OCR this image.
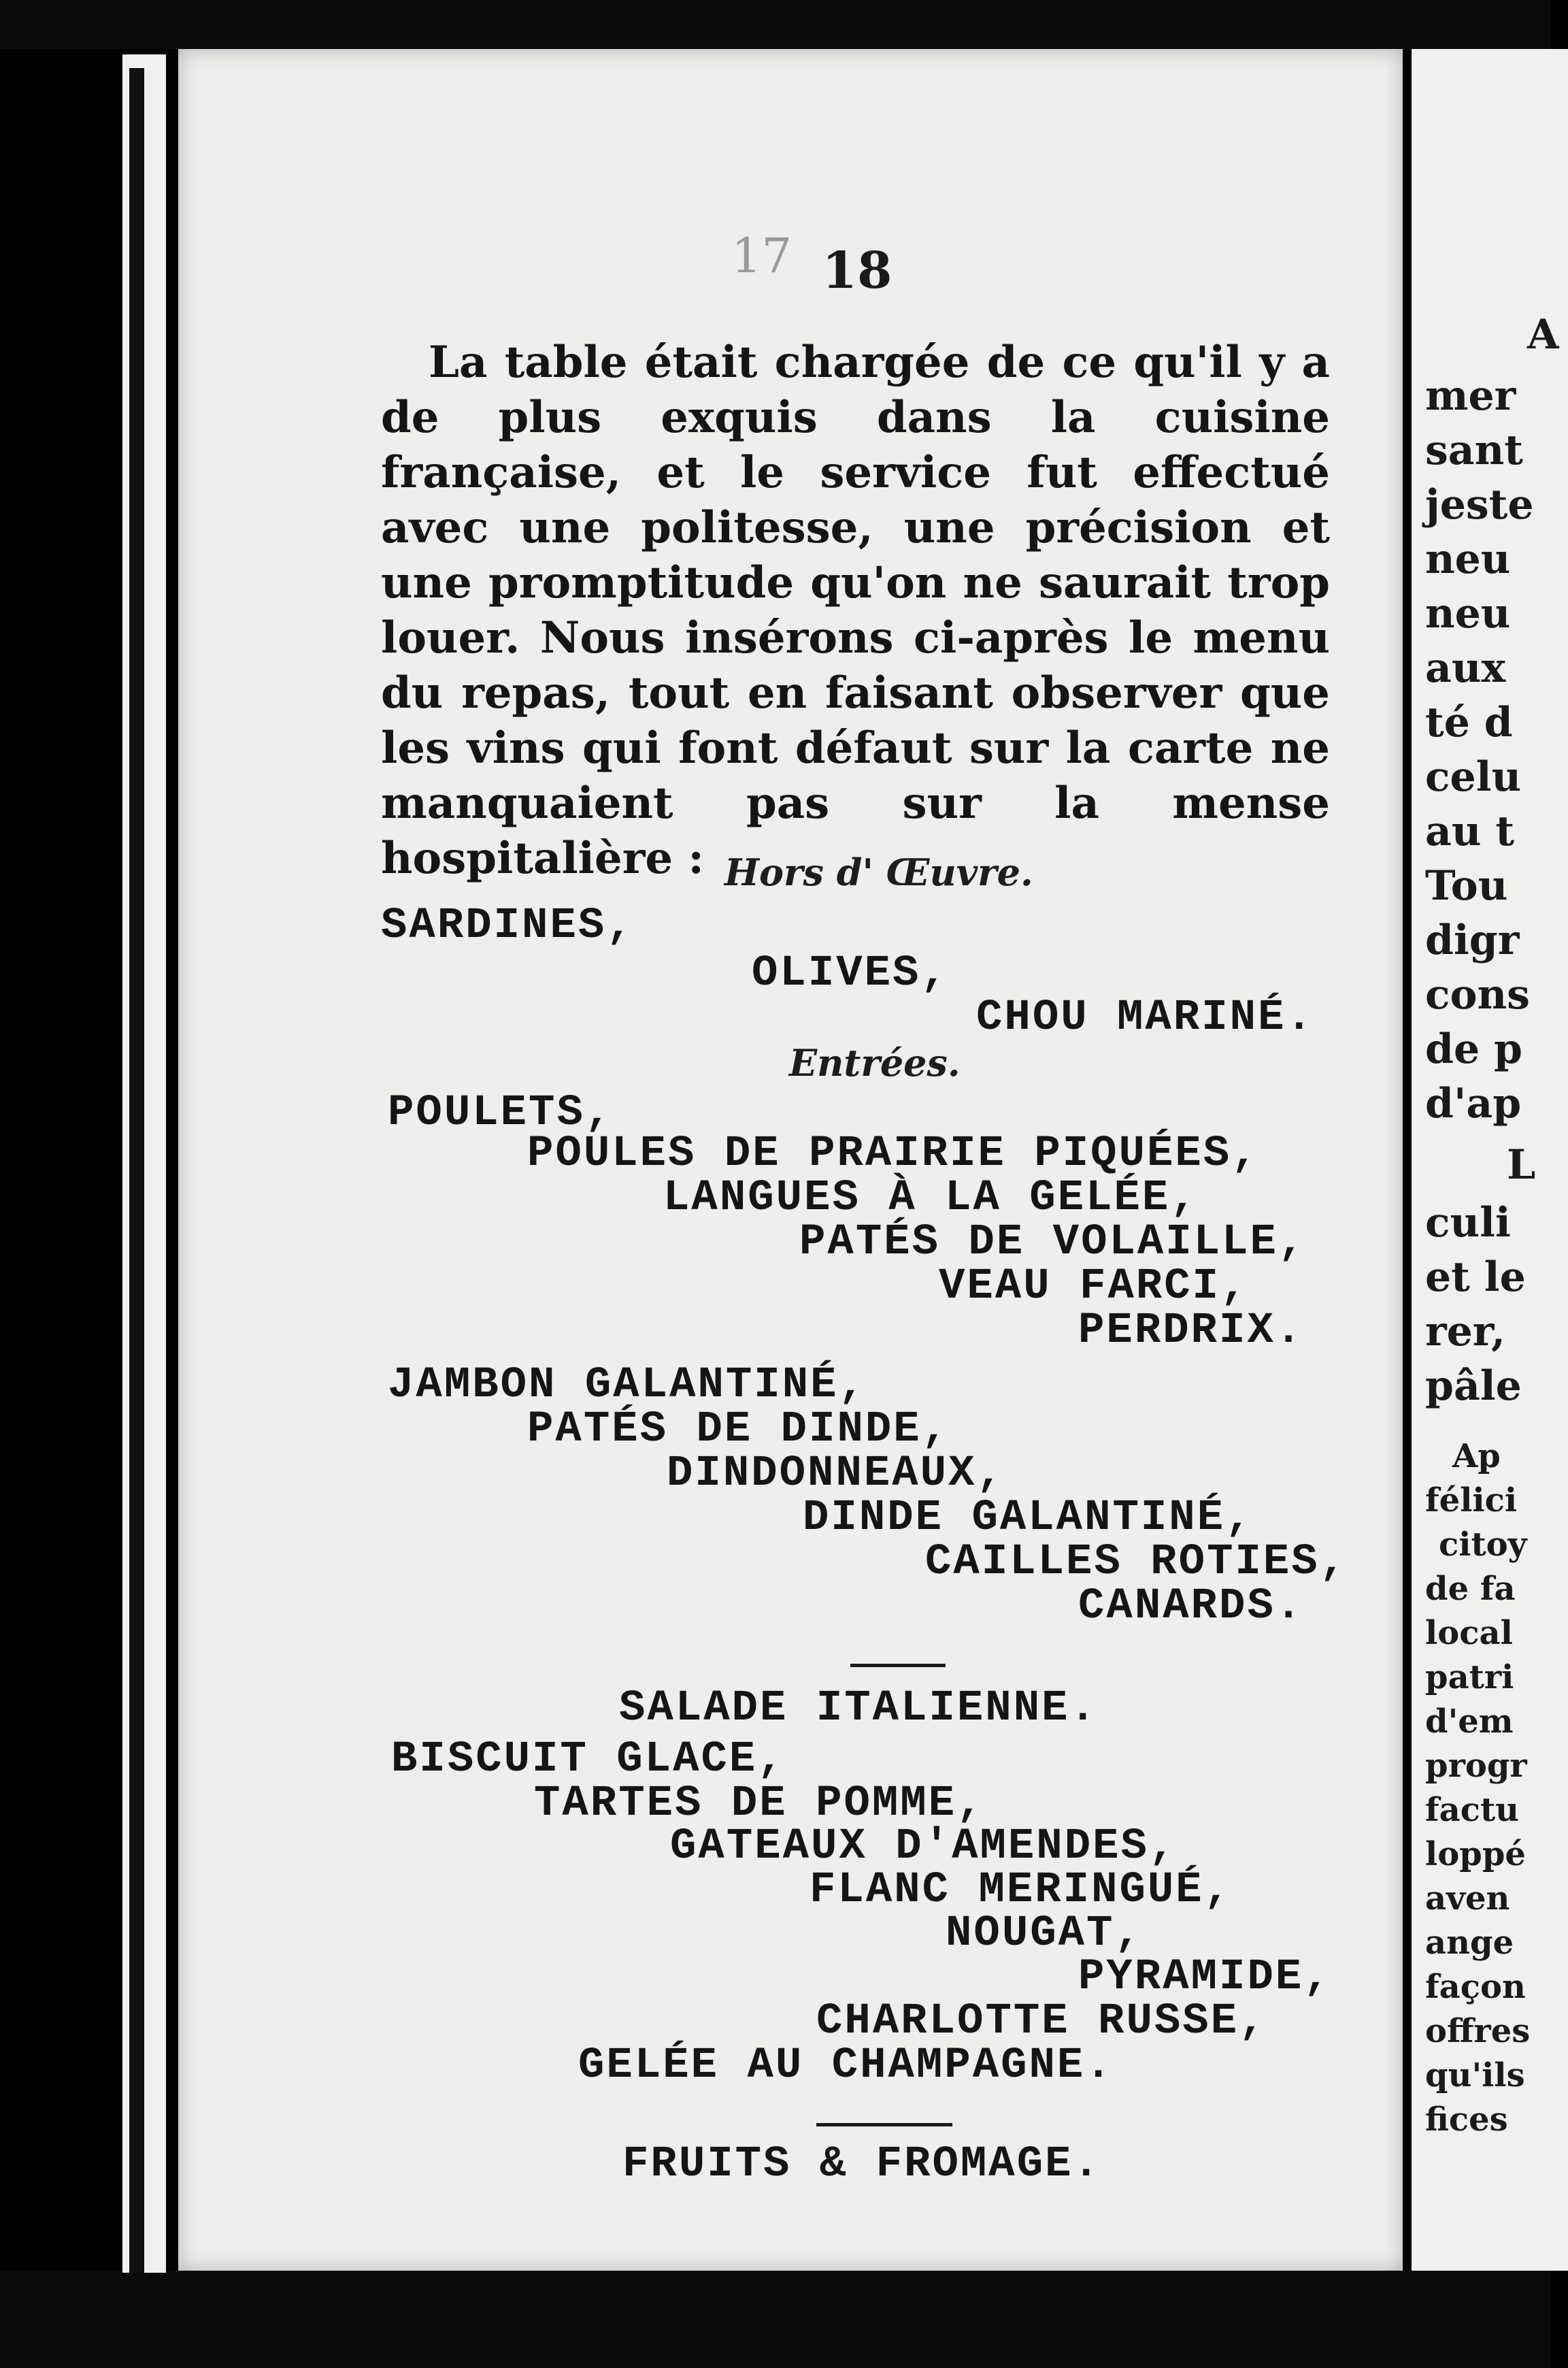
17 18
La table était chargée de ce qu'il y a de plus exquis dans la cuisine française, et le service fut effectué avec une politesse, une précision et une promptitude qu'on ne saurait trop louer. Nous insérons ci-après le menu du repas, tout en faisant observer que les vins qui font défaut sur la carte ne manquaient pas sur la mense hospitalière : Hors d' Œuvre.
SARDINES,
OLIVES,
CHOU MARINÉ.
Entrées.
POULETS,
POULES DE PRAIRIE PIQUÉES,
LANGUES À LA GELÉE,
PATÉS DE VOLAILLE,
VEAU FARCI,
PERDRIX.
JAMBON GALANTINÉ,
PATÉS DE DINDE,
DINDONNEAUX,
DINDE GALANTINÉ,
CAILLES ROTIES,
CANARDS.
SALADE ITALIENNE.
BISCUIT GLACE,
TARTES DE POMME,
GATEAUX D'AMENDES,
FLANC MERINGUÉ,
NOUGAT,
PYRAMIDE,
CHARLOTTE RUSSE,
GELÉE AU CHAMPAGNE.
FRUITS & FROMAGE.
A
mer
sant
jeste
neu
neu
aux
té d
celu
au t
Tou
digr
cons
de p
d'ap
L
culi
et le
rer,
pâle
Ap
félici
citoy
de fa
local
patri
d'em
progr
factu
loppé
aven
ange
façon
offres
qu'ils
fices
